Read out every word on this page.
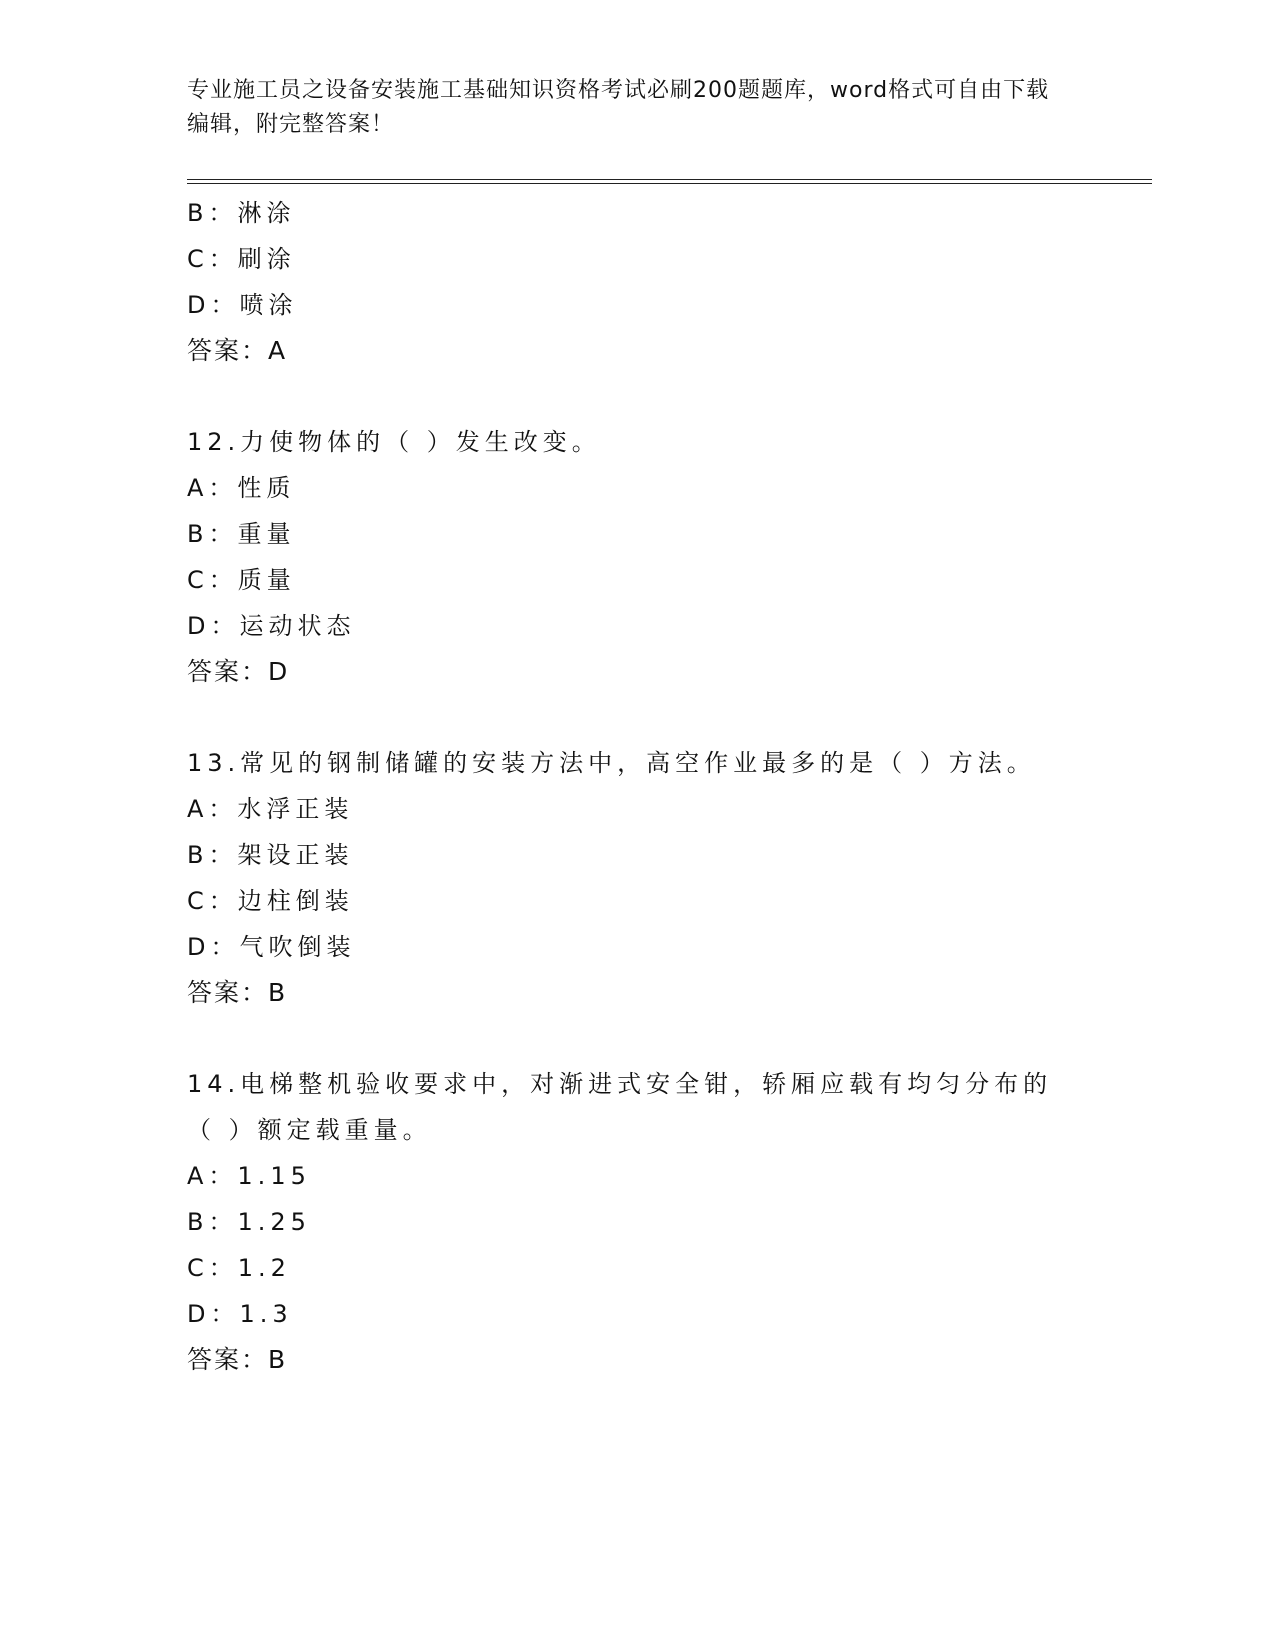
专业施工员之设备安装施工基础知识资格考试必刷200题题库，word格式可自由下载编辑，附完整答案！
B：淋涂
C：刷涂
D：喷涂
答案：A
12.力使物体的（ ）发生改变。
A：性质
B：重量
C：质量
D：运动状态
答案：D
13.常见的钢制储罐的安装方法中，高空作业最多的是（ ）方法。
A：水浮正装
B：架设正装
C：边柱倒装
D：气吹倒装
答案：B
14.电梯整机验收要求中，对渐进式安全钳，轿厢应载有均匀分布的（ ）额定载重量。
A：1.15
B：1.25
C：1.2
D：1.3
答案：B
